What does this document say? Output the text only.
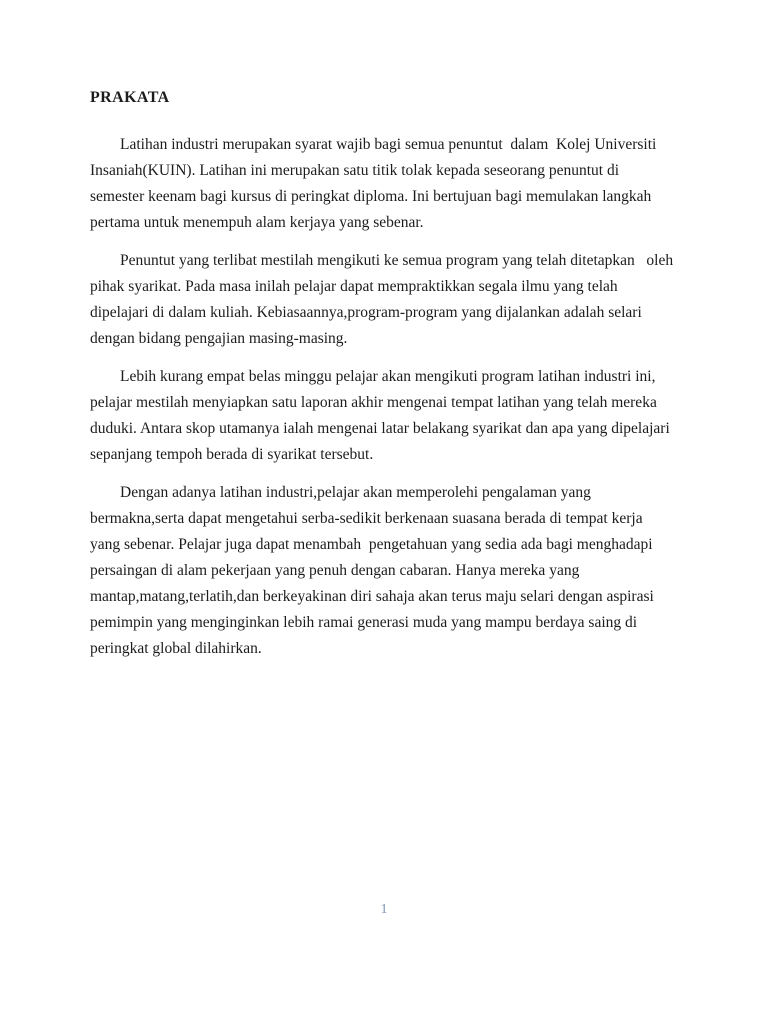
PRAKATA

Latihan industri merupakan syarat wajib bagi semua penuntut  dalam  Kolej Universiti Insaniah(KUIN). Latihan ini merupakan satu titik tolak kepada seseorang penuntut di semester keenam bagi kursus di peringkat diploma. Ini bertujuan bagi memulakan langkah pertama untuk menempuh alam kerjaya yang sebenar.

Penuntut yang terlibat mestilah mengikuti ke semua program yang telah ditetapkan   oleh pihak syarikat. Pada masa inilah pelajar dapat mempraktikkan segala ilmu yang telah dipelajari di dalam kuliah. Kebiasaannya,program-program yang dijalankan adalah selari dengan bidang pengajian masing-masing.

Lebih kurang empat belas minggu pelajar akan mengikuti program latihan industri ini, pelajar mestilah menyiapkan satu laporan akhir mengenai tempat latihan yang telah mereka duduki. Antara skop utamanya ialah mengenai latar belakang syarikat dan apa yang dipelajari sepanjang tempoh berada di syarikat tersebut.

Dengan adanya latihan industri,pelajar akan memperolehi pengalaman yang bermakna,serta dapat mengetahui serba-sedikit berkenaan suasana berada di tempat kerja yang sebenar. Pelajar juga dapat menambah  pengetahuan yang sedia ada bagi menghadapi persaingan di alam pekerjaan yang penuh dengan cabaran. Hanya mereka yang mantap,matang,terlatih,dan berkeyakinan diri sahaja akan terus maju selari dengan aspirasi pemimpin yang menginginkan lebih ramai generasi muda yang mampu berdaya saing di peringkat global dilahirkan.

1
